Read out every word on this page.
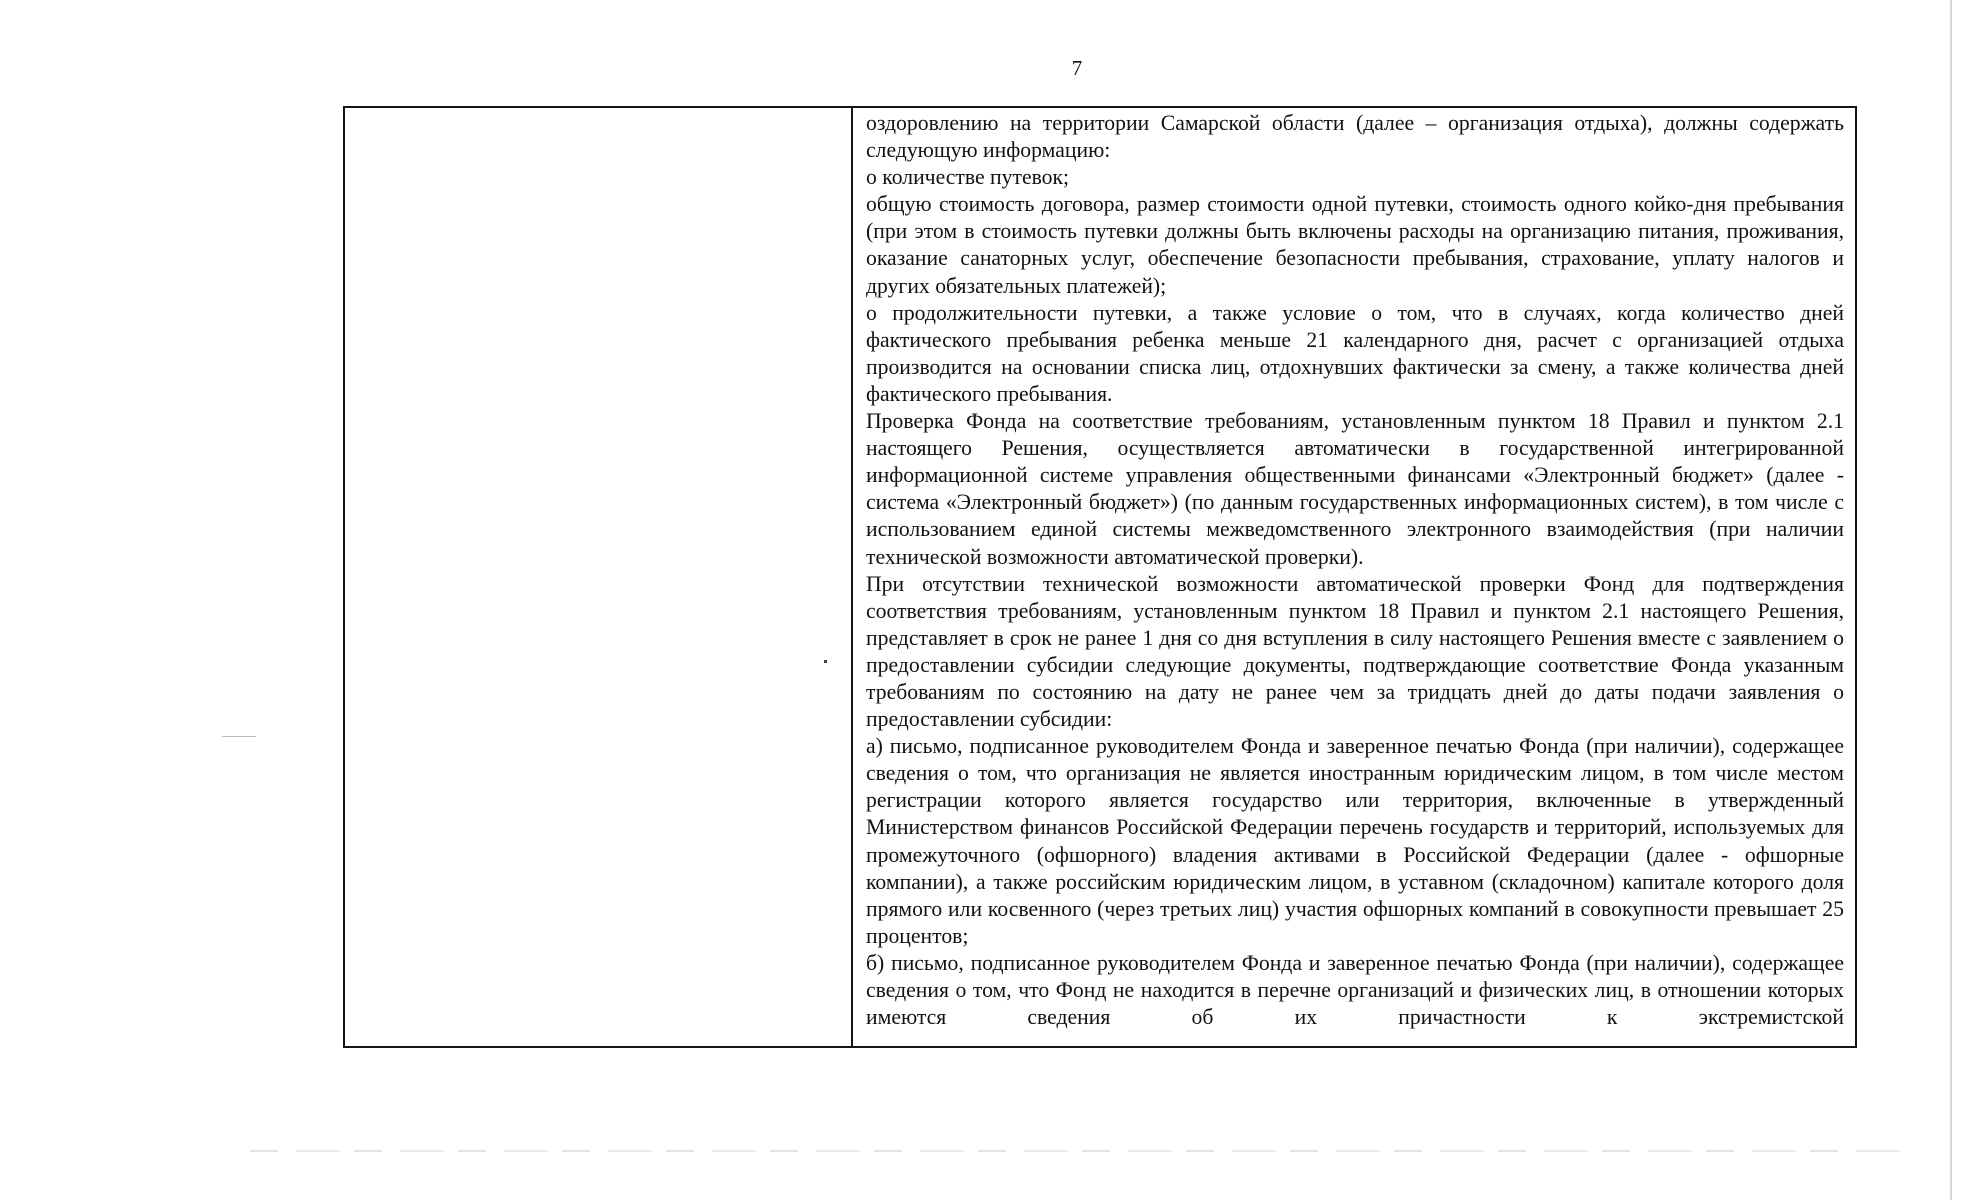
7

оздоровлению на территории Самарской области (далее – организация отдыха), должны содержать следующую информацию:

о количестве путевок;

общую стоимость договора, размер стоимости одной путевки, стоимость одного койко-дня пребывания (при этом в стоимость путевки должны быть включены расходы на организацию питания, проживания, оказание санаторных услуг, обеспечение безопасности пребывания, страхование, уплату налогов и других обязательных платежей);

о продолжительности путевки, а также условие о том, что в случаях, когда количество дней фактического пребывания ребенка меньше 21 календарного дня, расчет с организацией отдыха производится на основании списка лиц, отдохнувших фактически за смену, а также количества дней фактического пребывания.

Проверка Фонда на соответствие требованиям, установленным пунктом 18 Правил и пунктом 2.1 настоящего Решения, осуществляется автоматически в государственной интегрированной информационной системе управления общественными финансами «Электронный бюджет» (далее - система «Электронный бюджет») (по данным государственных информационных систем), в том числе с использованием единой системы межведомственного электронного взаимодействия (при наличии технической возможности автоматической проверки).

При отсутствии технической возможности автоматической проверки Фонд для подтверждения соответствия требованиям, установленным пунктом 18 Правил и пунктом 2.1 настоящего Решения, представляет в срок не ранее 1 дня со дня вступления в силу настоящего Решения вместе с заявлением о предоставлении субсидии следующие документы, подтверждающие соответствие Фонда указанным требованиям по состоянию на дату не ранее чем за тридцать дней до даты подачи заявления о предоставлении субсидии:

а) письмо, подписанное руководителем Фонда и заверенное печатью Фонда (при наличии), содержащее сведения о том, что организация не является иностранным юридическим лицом, в том числе местом регистрации которого является государство или территория, включенные в утвержденный Министерством финансов Российской Федерации перечень государств и территорий, используемых для промежуточного (офшорного) владения активами в Российской Федерации (далее - офшорные компании), а также российским юридическим лицом, в уставном (складочном) капитале которого доля прямого или косвенного (через третьих лиц) участия офшорных компаний в совокупности превышает 25 процентов;

б) письмо, подписанное руководителем Фонда и заверенное печатью Фонда (при наличии), содержащее сведения о том, что Фонд не находится в перечне организаций и физических лиц, в отношении которых имеются сведения об их причастности к экстремистской
